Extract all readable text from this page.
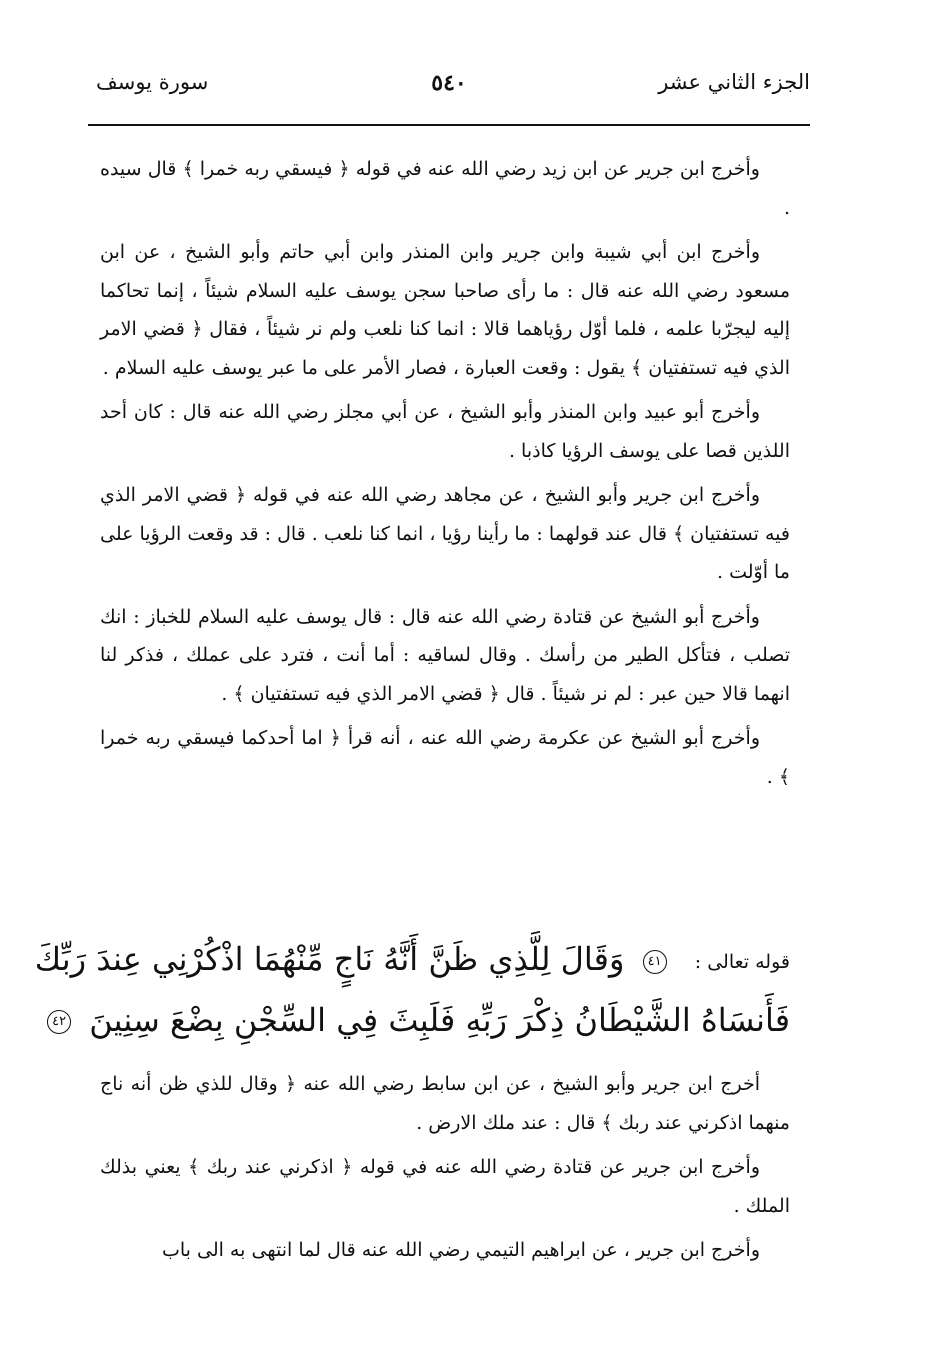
الجزء الثاني عشر
٥٤٠
سورة يوسف

وأخرج ابن جرير عن ابن زيد رضي الله عنه في قوله ﴿ فيسقي ربه خمرا ﴾ قال سيده .

وأخرج ابن أبي شيبة وابن جرير وابن المنذر وابن أبي حاتم وأبو الشيخ ، عن ابن مسعود رضي الله عنه قال : ما رأى صاحبا سجن يوسف عليه السلام شيئاً ، إنما تحاكما إليه ليجرّبا علمه ، فلما أوّل رؤياهما قالا : انما كنا نلعب ولم نر شيئاً ، فقال ﴿ قضي الامر الذي فيه تستفتيان ﴾ يقول : وقعت العبارة ، فصار الأمر على ما عبر يوسف عليه السلام .

وأخرج أبو عبيد وابن المنذر وأبو الشيخ ، عن أبي مجلز رضي الله عنه قال : كان أحد اللذين قصا على يوسف الرؤيا كاذبا .

وأخرج ابن جرير وأبو الشيخ ، عن مجاهد رضي الله عنه في قوله ﴿ قضي الامر الذي فيه تستفتيان ﴾ قال عند قولهما : ما رأينا رؤيا ، انما كنا نلعب . قال : قد وقعت الرؤيا على ما أوّلت .

وأخرج أبو الشيخ عن قتادة رضي الله عنه قال : قال يوسف عليه السلام للخباز : انك تصلب ، فتأكل الطير من رأسك . وقال لساقيه : أما أنت ، فترد على عملك ، فذكر لنا انهما قالا حين عبر : لم نر شيئاً . قال ﴿ قضي الامر الذي فيه تستفتيان ﴾ .

وأخرج أبو الشيخ عن عكرمة رضي الله عنه ، أنه قرأ ﴿ اما أحدكما فيسقي ربه خمرا ﴾ .

قوله تعالى : ٤١ وَقَالَ لِلَّذِي ظَنَّ أَنَّهُ نَاجٍ مِّنْهُمَا اذْكُرْنِي عِندَ رَبِّكَ
فَأَنسَاهُ الشَّيْطَانُ ذِكْرَ رَبِّهِ فَلَبِثَ فِي السِّجْنِ بِضْعَ سِنِينَ ٤٢

أخرج ابن جرير وأبو الشيخ ، عن ابن سابط رضي الله عنه ﴿ وقال للذي ظن أنه ناج منهما اذكرني عند ربك ﴾ قال : عند ملك الارض .

وأخرج ابن جرير عن قتادة رضي الله عنه في قوله ﴿ اذكرني عند ربك ﴾ يعني بذلك الملك .

وأخرج ابن جرير ، عن ابراهيم التيمي رضي الله عنه قال لما انتهى به الى باب
